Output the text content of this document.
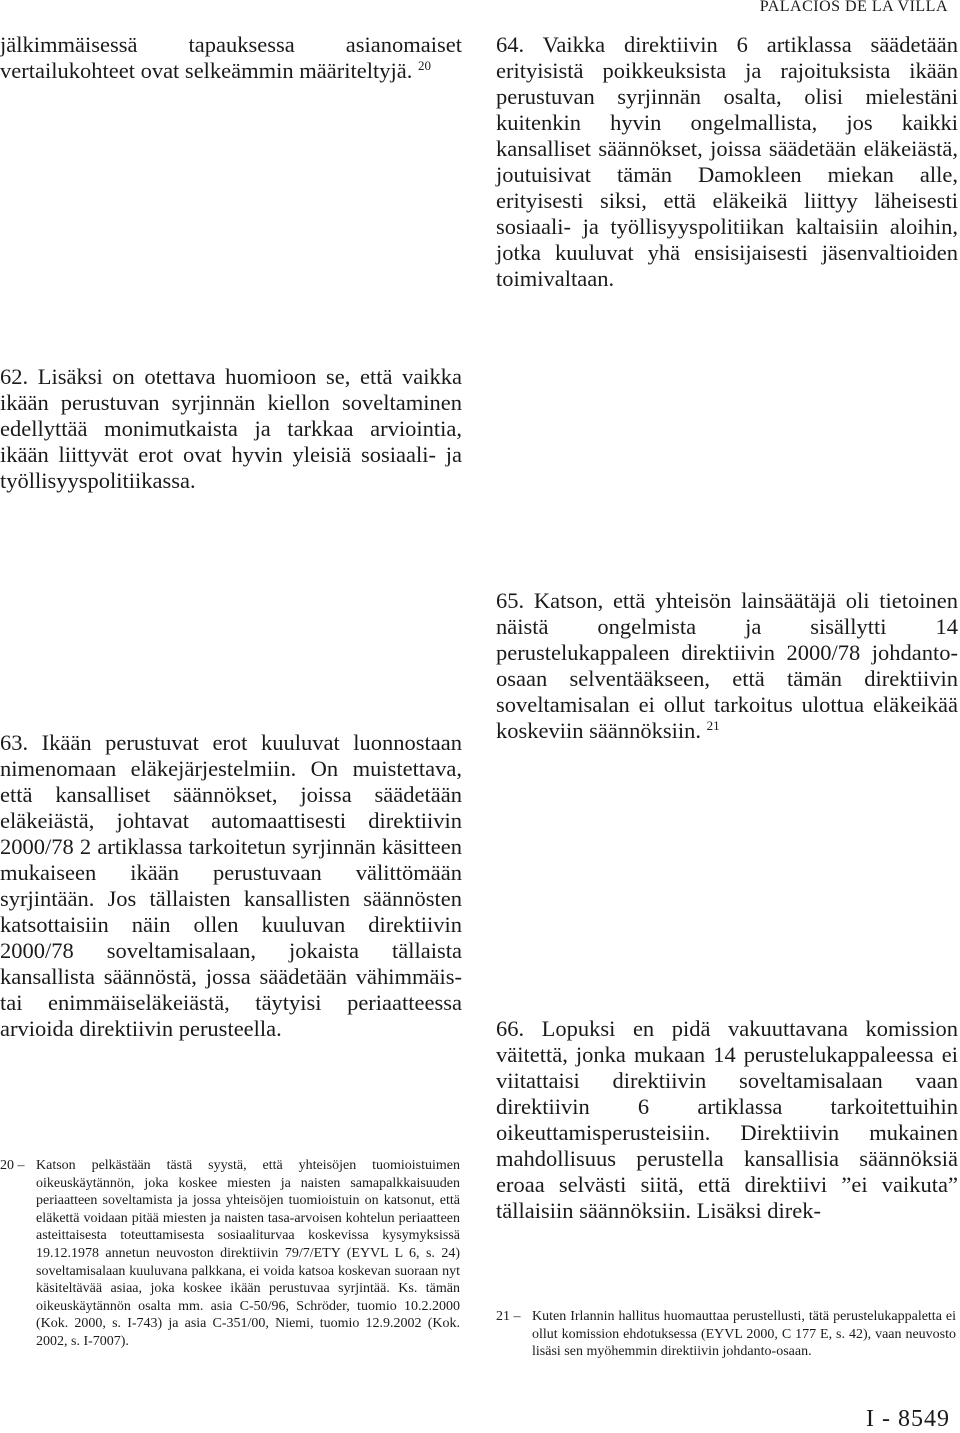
PALACIOS DE LA VILLA
jälkimmäisessä tapauksessa asianomaiset vertailukohteet ovat selkeämmin määriteltyjä. $^{20}$
62. Lisäksi on otettava huomioon se, että vaikka ikään perustuvan syrjinnän kiellon soveltaminen edellyttää monimutkaista ja tarkkaa arviointia, ikään liittyvät erot ovat hyvin yleisiä sosiaali- ja työllisyyspolitiikassa.
63. Ikään perustuvat erot kuuluvat luonnostaan nimenomaan eläkejärjestelmiin. On muistettava, että kansalliset säännökset, joissa säädetään eläkeiästä, johtavat automaattisesti direktiivin 2000/78 2 artiklassa tarkoitetun syrjinnän käsitteen mukaiseen ikään perustuvaan välittömään syrjintään. Jos tällaisten kansallisten säännösten katsottaisiin näin ollen kuuluvan direktiivin 2000/78 soveltamisalaan, jokaista tällaista kansallista säännöstä, jossa säädetään vähimmäis- tai enimmäiseläkeiästä, täytyisi periaatteessa arvioida direktiivin perusteella.
20 – Katson pelkästään tästä syystä, että yhteisöjen tuomioistuimen oikeuskäytännön, joka koskee miesten ja naisten samapalkkaisuuden periaatteen soveltamista ja jossa yhteisöjen tuomioistuin on katsonut, että eläkettä voidaan pitää miesten ja naisten tasa-arvoisen kohtelun periaatteen asteittaisesta toteuttamisesta sosiaaliturvaa koskevissa kysymyksissä 19.12.1978 annetun neuvoston direktiivin 79/7/ETY (EYVL L 6, s. 24) soveltamisalaan kuuluvana palkkana, ei voida katsoa koskevan suoraan nyt käsiteltävää asiaa, joka koskee ikään perustuvaa syrjintää. Ks. tämän oikeuskäytännön osalta mm. asia C-50/96, Schröder, tuomio 10.2.2000 (Kok. 2000, s. I-743) ja asia C-351/00, Niemi, tuomio 12.9.2002 (Kok. 2002, s. I-7007).
64. Vaikka direktiivin 6 artiklassa säädetään erityisistä poikkeuksista ja rajoituksista ikään perustuvan syrjinnän osalta, olisi mielestäni kuitenkin hyvin ongelmallista, jos kaikki kansalliset säännökset, joissa säädetään eläkeiästä, joutuisivat tämän Damokleen miekan alle, erityisesti siksi, että eläkeikä liittyy läheisesti sosiaali- ja työllisyyspolitiikan kaltaisiin aloihin, jotka kuuluvat yhä ensisijaisesti jäsenvaltioiden toimivaltaan.
65. Katson, että yhteisön lainsäätäjä oli tietoinen näistä ongelmista ja sisällytti 14 perustelukappaleen direktiivin 2000/78 johdanto-osaan selventääkseen, että tämän direktiivin soveltamisalan ei ollut tarkoitus ulottua eläkeikää koskeviin säännöksiin. $^{21}$
66. Lopuksi en pidä vakuuttavana komission väitettä, jonka mukaan 14 perustelukappaleessa ei viitattaisi direktiivin soveltamisalaan vaan direktiivin 6 artiklassa tarkoitettuihin oikeuttamisperusteisiin. Direktiivin mukainen mahdollisuus perustella kansallisia säännöksiä eroaa selvästi siitä, että direktiivi ”ei vaikuta” tällaisiin säännöksiin. Lisäksi direk-
21 – Kuten Irlannin hallitus huomauttaa perustellusti, tätä perustelukappaletta ei ollut komission ehdotuksessa (EYVL 2000, C 177 E, s. 42), vaan neuvosto lisäsi sen myöhemmin direktiivin johdanto-osaan.
I - 8549
